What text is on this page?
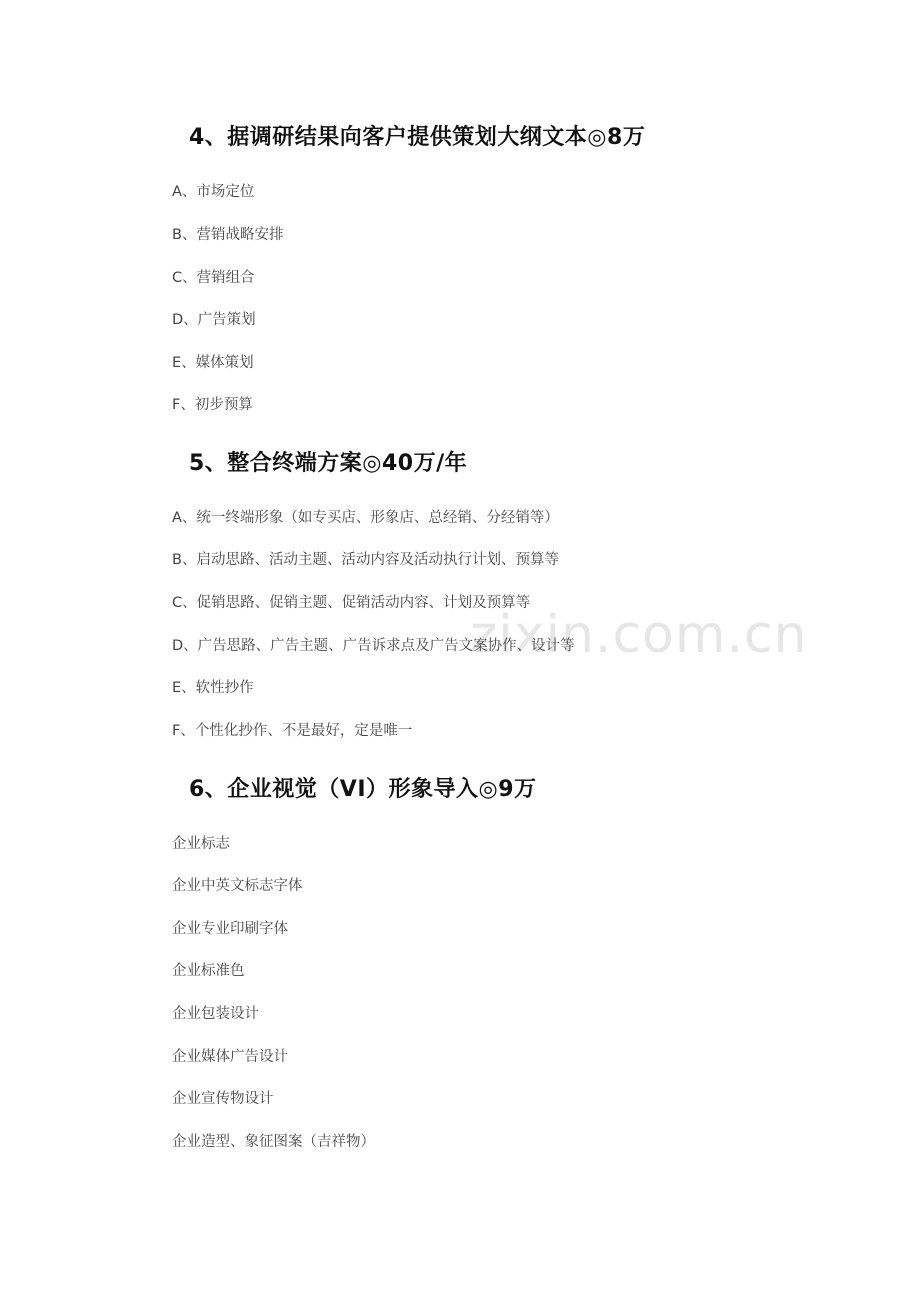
zixin.com.cn
4、据调研结果向客户提供策划大纲文本◎8万
A、市场定位
B、营销战略安排
C、营销组合
D、广告策划
E、媒体策划
F、初步预算
5、整合终端方案◎40万/年
A、统一终端形象（如专买店、形象店、总经销、分经销等）
B、启动思路、活动主题、活动内容及活动执行计划、预算等
C、促销思路、促销主题、促销活动内容、计划及预算等
D、广告思路、广告主题、广告诉求点及广告文案协作、设计等
E、软性抄作
F、个性化抄作、不是最好，定是唯一
6、企业视觉（VI）形象导入◎9万
企业标志
企业中英文标志字体
企业专业印刷字体
企业标准色
企业包装设计
企业媒体广告设计
企业宣传物设计
企业造型、象征图案（吉祥物）
